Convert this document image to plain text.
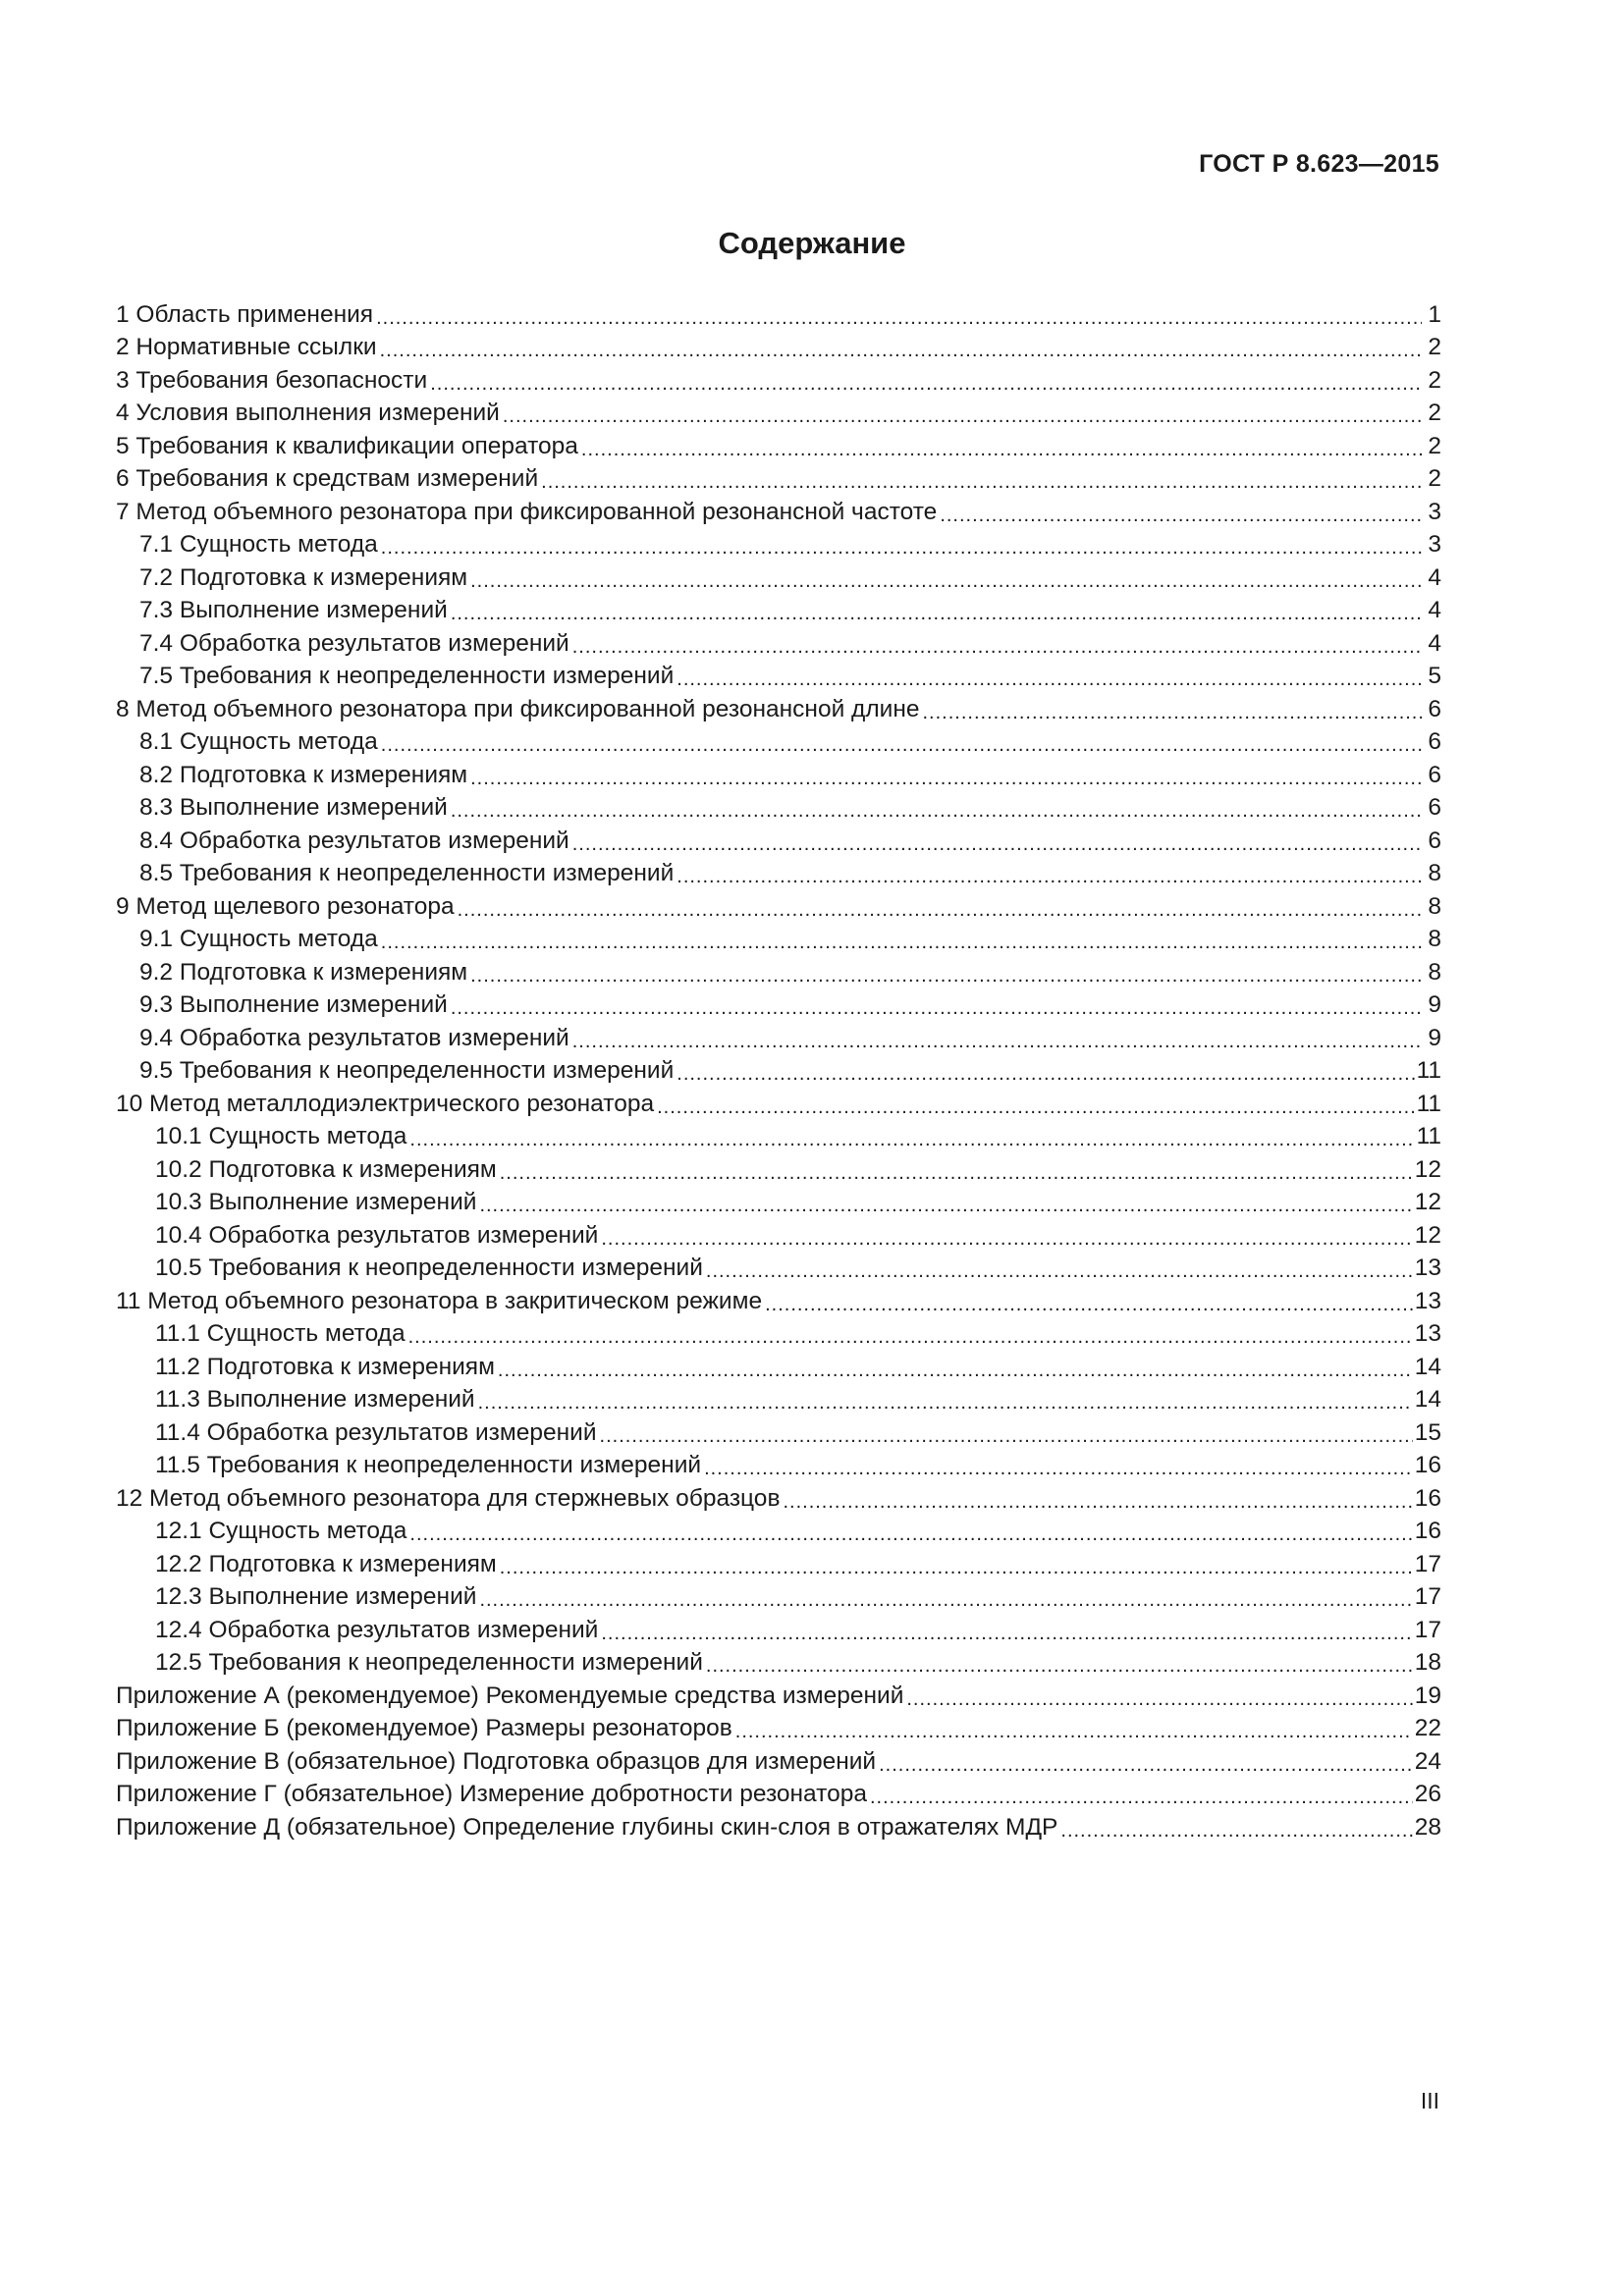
ГОСТ Р 8.623—2015
Содержание
1 Область применения .....	1
2 Нормативные ссылки .....	2
3 Требования безопасности .....	2
4 Условия выполнения измерений .....	2
5 Требования к квалификации оператора .....	2
6 Требования к средствам измерений .....	2
7 Метод объемного резонатора при фиксированной резонансной частоте .....	3
7.1 Сущность метода .....	3
7.2 Подготовка к измерениям .....	4
7.3 Выполнение измерений .....	4
7.4 Обработка результатов измерений .....	4
7.5 Требования к неопределенности измерений .....	5
8 Метод объемного резонатора при фиксированной резонансной длине .....	6
8.1 Сущность метода .....	6
8.2 Подготовка к измерениям .....	6
8.3 Выполнение измерений .....	6
8.4 Обработка результатов измерений .....	6
8.5 Требования к неопределенности измерений .....	8
9 Метод щелевого резонатора .....	8
9.1 Сущность метода .....	8
9.2 Подготовка к измерениям .....	8
9.3 Выполнение измерений .....	9
9.4 Обработка результатов измерений .....	9
9.5 Требования к неопределенности измерений .....	11
10 Метод металлодиэлектрического резонатора .....	11
10.1 Сущность метода .....	11
10.2 Подготовка к измерениям .....	12
10.3 Выполнение измерений .....	12
10.4 Обработка результатов измерений .....	12
10.5 Требования к неопределенности измерений .....	13
11 Метод объемного резонатора в закритическом режиме .....	13
11.1 Сущность метода .....	13
11.2 Подготовка к измерениям .....	14
11.3 Выполнение измерений .....	14
11.4 Обработка результатов измерений .....	15
11.5 Требования к неопределенности измерений .....	16
12 Метод объемного резонатора для стержневых образцов .....	16
12.1 Сущность метода .....	16
12.2 Подготовка к измерениям .....	17
12.3 Выполнение измерений .....	17
12.4 Обработка результатов измерений .....	17
12.5 Требования к неопределенности измерений .....	18
Приложение А (рекомендуемое) Рекомендуемые средства измерений .....	19
Приложение Б (рекомендуемое) Размеры резонаторов .....	22
Приложение В (обязательное) Подготовка образцов для измерений .....	24
Приложение Г (обязательное) Измерение добротности резонатора .....	26
Приложение Д (обязательное) Определение глубины скин-слоя в отражателях МДР .....	28
III
